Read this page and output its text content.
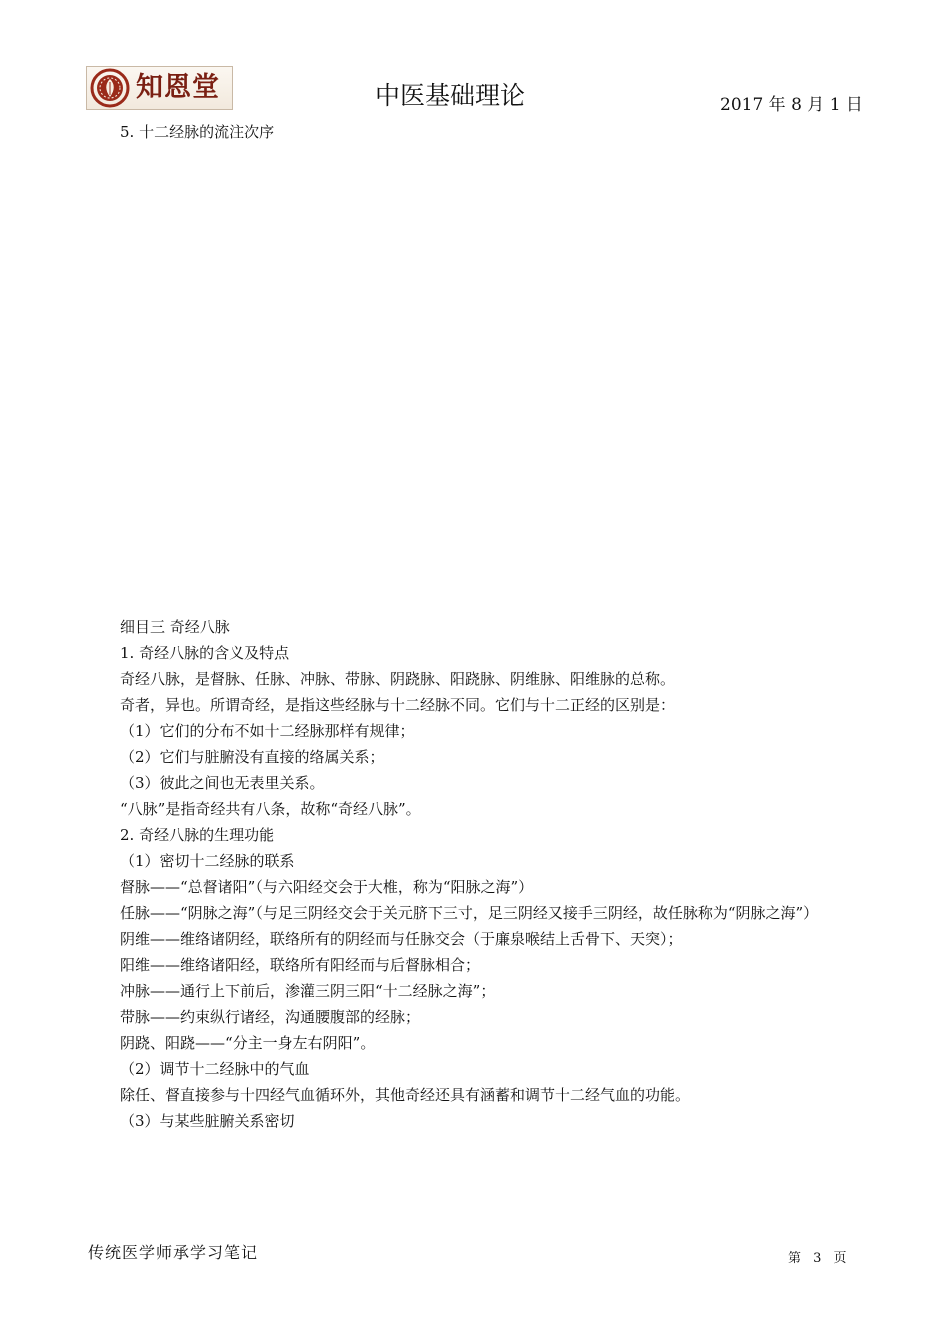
知恩堂	中医基础理论	2017 年 8 月 1 日
5. 十二经脉的流注次序

细目三 奇经八脉

1. 奇经八脉的含义及特点

奇经八脉，是督脉、任脉、冲脉、带脉、阴跷脉、阳跷脉、阴维脉、阳维脉的总称。

奇者，异也。所谓奇经，是指这些经脉与十二经脉不同。它们与十二正经的区别是：

（1）它们的分布不如十二经脉那样有规律；

（2）它们与脏腑没有直接的络属关系；

（3）彼此之间也无表里关系。

“八脉”是指奇经共有八条，故称“奇经八脉”。

2. 奇经八脉的生理功能

（1）密切十二经脉的联系

督脉——“总督诸阳”（与六阳经交会于大椎，称为“阳脉之海”）

任脉——“阴脉之海”（与足三阴经交会于关元脐下三寸，足三阴经又接手三阴经，故任脉称为“阴脉之海”）

阴维——维络诸阴经，联络所有的阴经而与任脉交会（于廉泉喉结上舌骨下、天突）；

阳维——维络诸阳经，联络所有阳经而与后督脉相合；

冲脉——通行上下前后，渗灌三阴三阳“十二经脉之海”；

带脉——约束纵行诸经，沟通腰腹部的经脉；

阴跷、阳跷——“分主一身左右阴阳”。

（2）调节十二经脉中的气血

除任、督直接参与十四经气血循环外，其他奇经还具有涵蓄和调节十二经气血的功能。

（3）与某些脏腑关系密切

传统医学师承学习笔记	第 3 页
